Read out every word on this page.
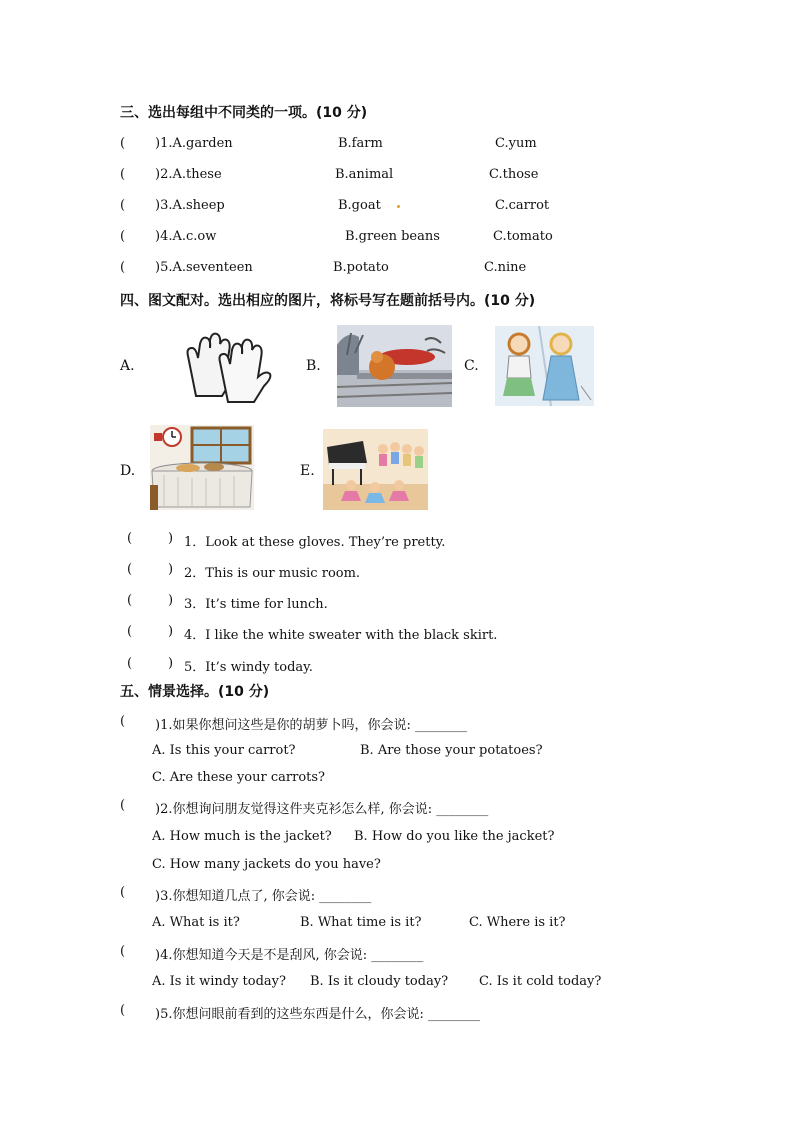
三、选出每组中不同类的一项。(10 分)
( )1.A.garden	B.farm	C.yum
( )2.A.these	B.animal	C.those
( )3.A.sheep	B.goat	C.carrot
( )4.A.c.ow	B.green beans	C.tomato
( )5.A.seventeen	B.potato	C.nine
四、图文配对。选出相应的图片，将标号写在题前括号内。(10 分)
A.	B.	C.
D.	E.
(	) 1．Look at these gloves. They’re pretty.
(	) 2．This is our music room.
(	) 3．It’s time for lunch.
(	) 4．I like the white sweater with the black skirt.
(	) 5．It’s windy today.
五、情景选择。(10 分)
( )1.如果你想问这些是你的胡萝卜吗，你会说: ________
A. Is this your carrot?	B. Are those your potatoes?
C. Are these your carrots?
( )2.你想询问朋友觉得这件夹克衫怎么样, 你会说: ________
A. How much is the jacket? B. How do you like the jacket?
C. How many jackets do you have?
( )3.你想知道几点了, 你会说: ________
A. What is it?	B. What time is it?	C. Where is it?
( )4.你想知道今天是不是刮风, 你会说: ________
A. Is it windy today? B. Is it cloudy today? C. Is it cold today?
( )5.你想问眼前看到的这些东西是什么，你会说: ________
